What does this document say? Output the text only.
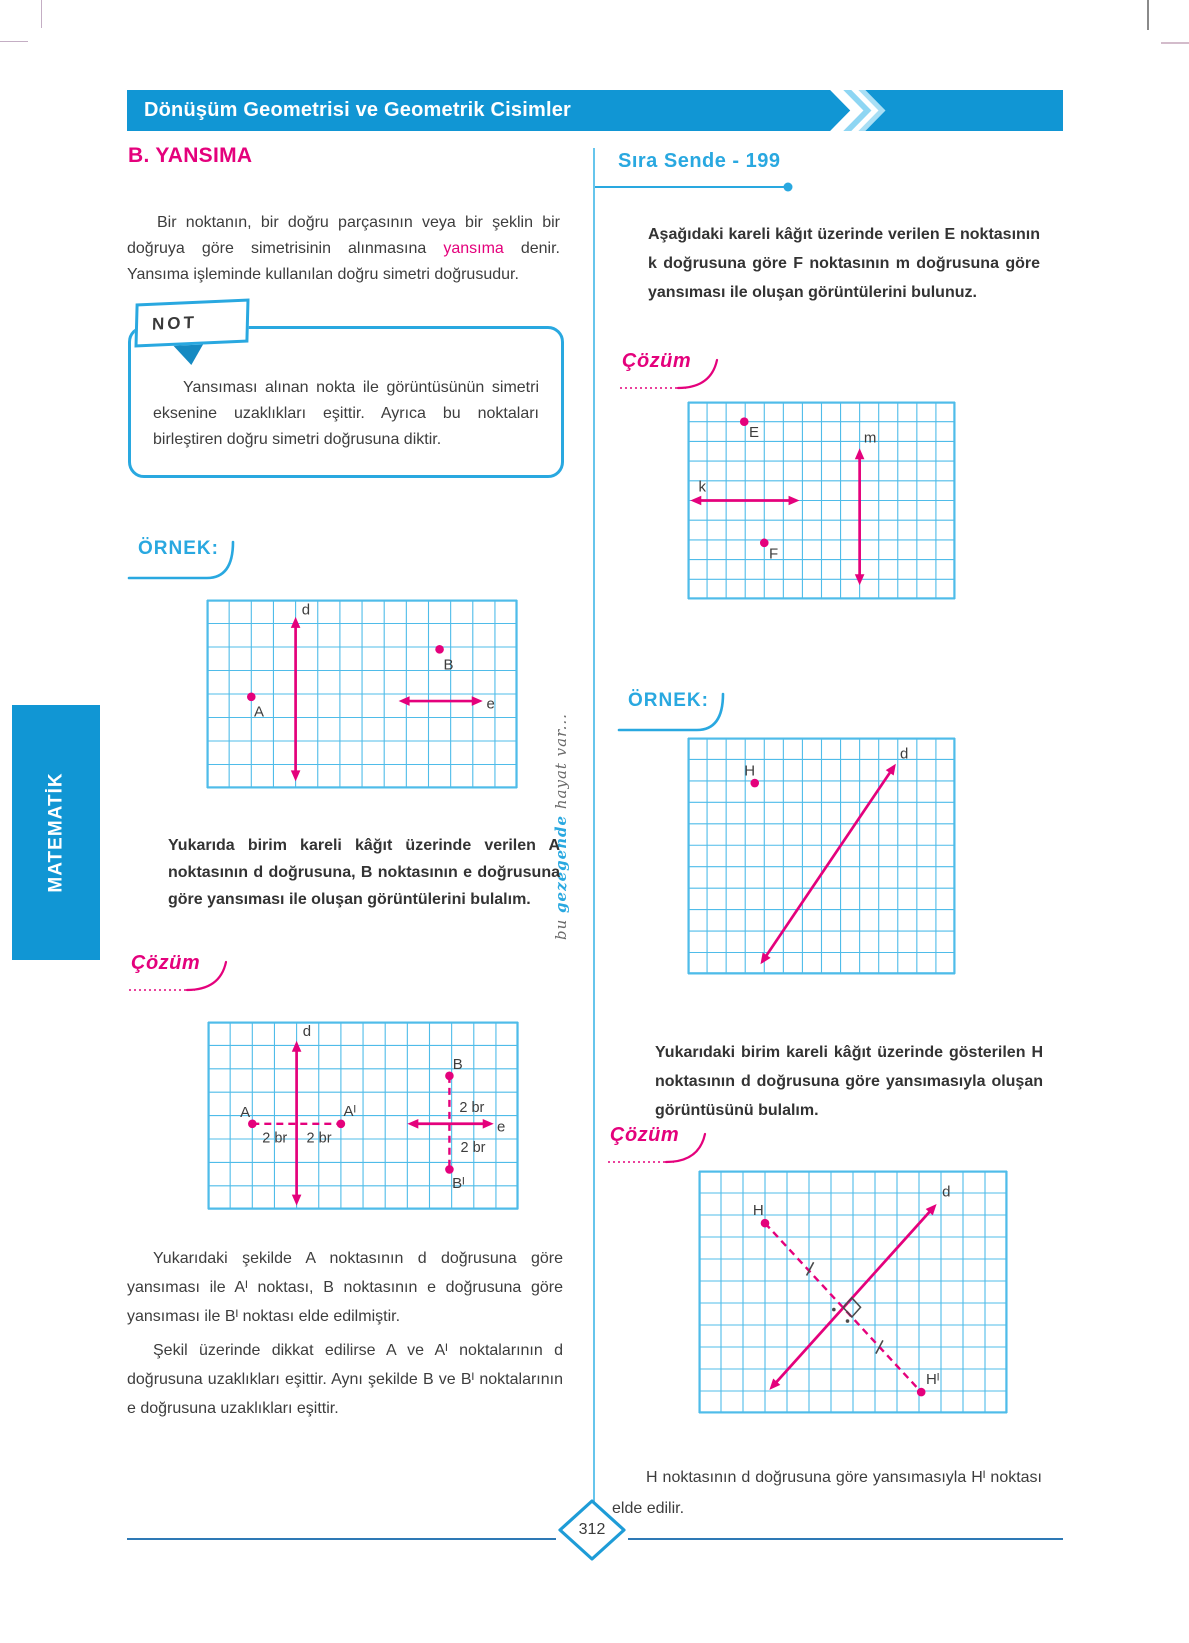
Dönüşüm Geometrisi ve Geometrik Cisimler
MATEMATİK
bu gezegende hayat var...
B. YANSIMA

Bir noktanın, bir doğru parçasının veya bir şeklin bir doğruya göre simetrisinin alınmasına yansıma denir. Yansıma işleminde kullanılan doğru simetri doğrusudur.

NOT
Yansıması alınan nokta ile görüntüsünün simetri eksenine uzaklıkları eşittir. Ayrıca bu noktaları birleştiren doğru simetri doğrusuna diktir.
ÖRNEK:
d
e
A
B

Yukarıda birim kareli kâğıt üzerinde verilen A noktasının d doğrusuna, B noktasının e doğrusuna göre yansıması ile oluşan görüntülerini bulalım.

Çözüm
d
e
A	Aᴵ
B
Bᴵ
2 br 2 br
2 br
2 br

Yukarıdaki şekilde A noktasının d doğrusuna göre yansıması ile Aᴵ noktası, B noktasının e doğrusuna göre yansıması ile Bᴵ noktası elde edilmiştir.

Şekil üzerinde dikkat edilirse A ve Aᴵ noktalarının d doğrusuna uzaklıkları eşittir. Aynı şekilde B ve Bᴵ noktalarının e doğrusuna uzaklıkları eşittir.

Sıra Sende - 199

Aşağıdaki kareli kâğıt üzerinde verilen E noktasının k doğrusuna göre F noktasının m doğrusuna göre yansıması ile oluşan görüntülerini bulunuz.

Çözüm
k
m
E
F
ÖRNEK:
d
H

Yukarıdaki birim kareli kâğıt üzerinde gösterilen H noktasının d doğrusuna göre yansımasıyla oluşan görüntüsünü bulalım.

Çözüm
d
H
Hᴵ

H noktasının d doğrusuna göre yansımasıyla Hᴵ noktası elde edilir.

312
